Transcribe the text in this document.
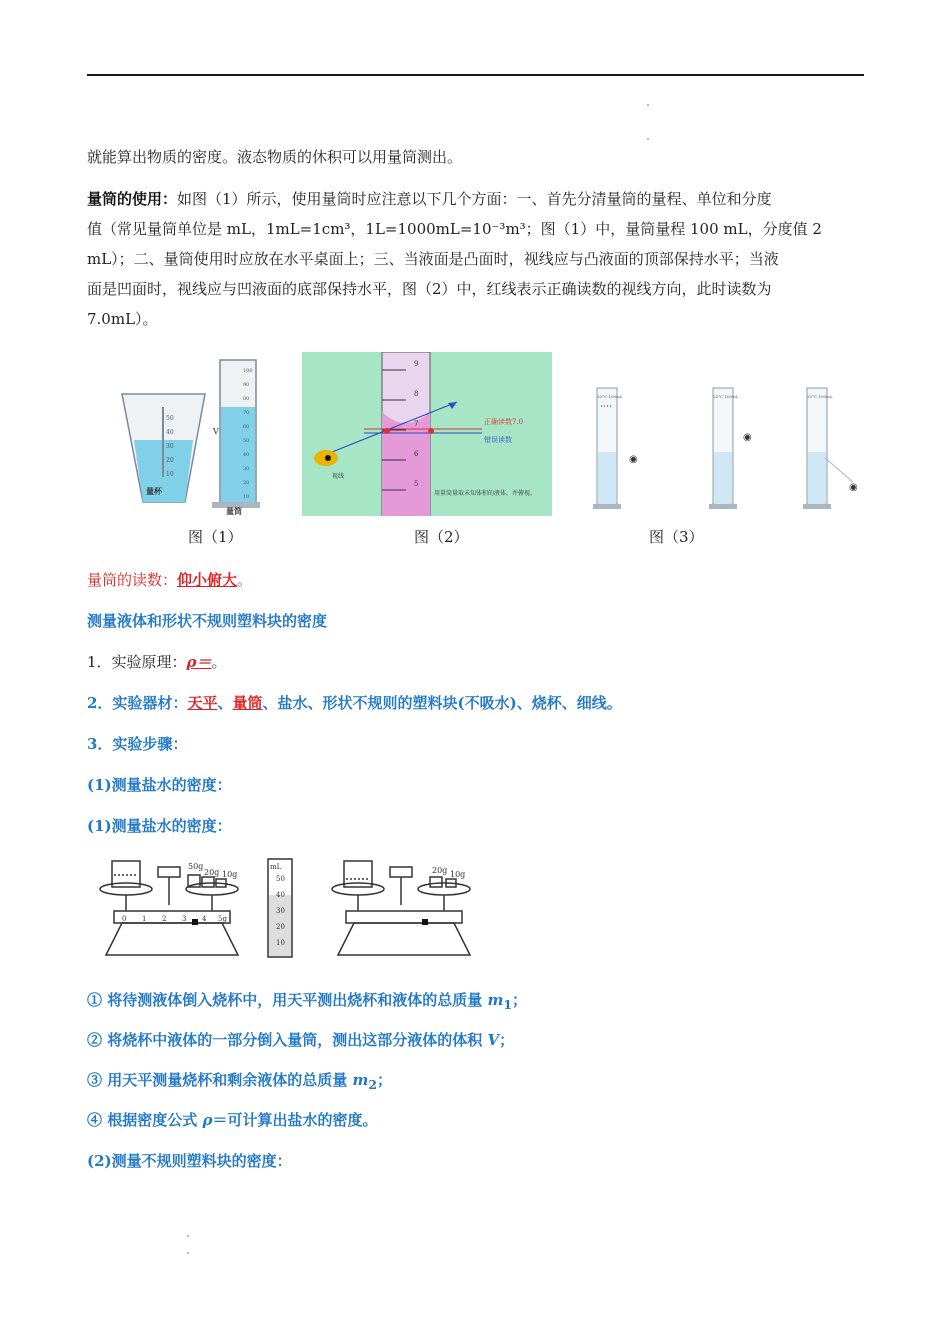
就能算出物质的密度。液态物质的休积可以用量筒测出。
量筒的使用：如图（1）所示，使用量筒时应注意以下几个方面：一、首先分清量筒的量程、单位和分度
值（常见量筒单位是 mL，1mL=1cm³，1L=1000mL=10⁻³m³；图（1）中，量筒量程 100 mL，分度值 2
mL）；二、量筒使用时应放在水平桌面上；三、当液面是凸面时，视线应与凸液面的顶部保持水平；当液
面是凹面时，视线应与凹液面的底部保持水平，图（2）中，红线表示正确读数的视线方向，此时读数为
7.0mL）。
50
40
30
20
10
量杯
V
100
90
80
70
60
50
40
30
20
10
量筒
9
8
7
6
5
正确读数7.0
错误读数
视线
用量筒量取未知体积的液体，并俯视。
20°C 100mL
◉
20°C 100mL
◉
20°C 100mL
◉
图（1）	图（2）	图（3）
量筒的读数：仰小俯大。
测量液体和形状不规则塑料块的密度
1．实验原理：ρ＝。
2．实验器材：天平、量筒、盐水、形状不规则的塑料块(不吸水)、烧杯、细线。
3．实验步骤：
(1)测量盐水的密度：
(1)测量盐水的密度：
50g
20g 10g
0 1 2 3 4 5g
mL
50
40
30
20
10
20g 10g
① 将待测液体倒入烧杯中，用天平测出烧杯和液体的总质量 $m_1$；
② 将烧杯中液体的一部分倒入量筒，测出这部分液体的体积 V；
③ 用天平测量烧杯和剩余液体的总质量 $m_2$；
④ 根据密度公式 ρ＝可计算出盐水的密度。
(2)测量不规则塑料块的密度：
